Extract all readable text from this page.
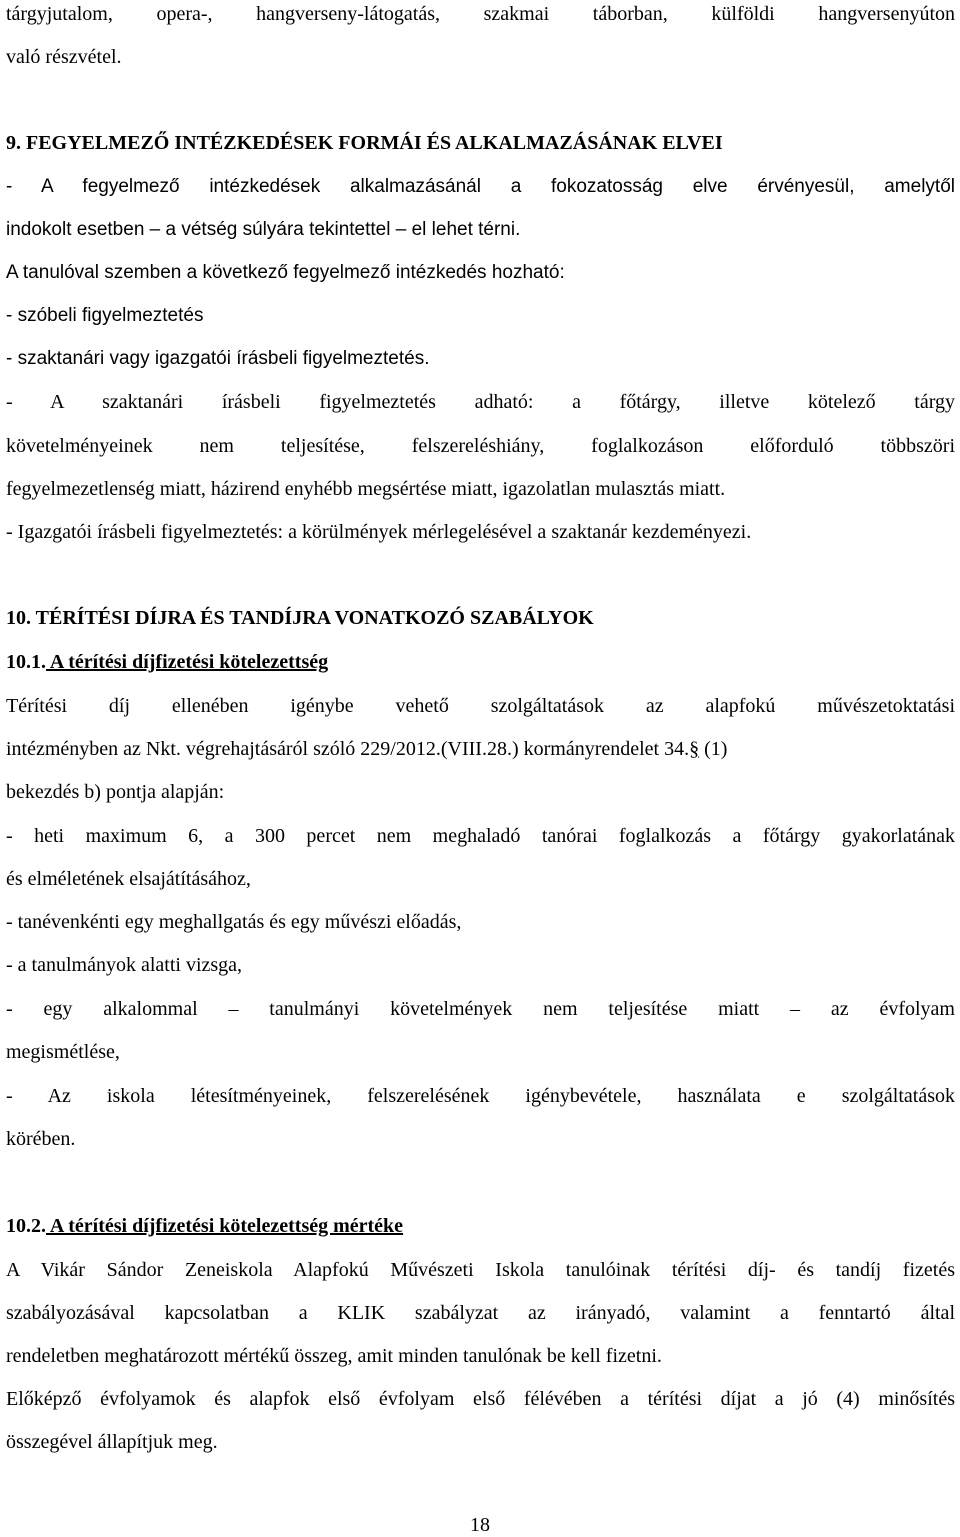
tárgyjutalom, opera-, hangverseny-látogatás, szakmai táborban, külföldi hangversenyúton
való részvétel.
9. FEGYELMEZŐ INTÉZKEDÉSEK FORMÁI ÉS ALKALMAZÁSÁNAK ELVEI
- A fegyelmező intézkedések alkalmazásánál a fokozatosság elve érvényesül, amelytől
indokolt esetben – a vétség súlyára tekintettel – el lehet térni.
A tanulóval szemben a következő fegyelmező intézkedés hozható:
- szóbeli figyelmeztetés
- szaktanári vagy igazgatói írásbeli figyelmeztetés.
- A szaktanári írásbeli figyelmeztetés adható: a főtárgy, illetve kötelező tárgy
követelményeinek nem teljesítése, felszereléshiány, foglalkozáson előforduló többszöri
fegyelmezetlenség miatt, házirend enyhébb megsértése miatt, igazolatlan mulasztás miatt.
- Igazgatói írásbeli figyelmeztetés: a körülmények mérlegelésével a szaktanár kezdeményezi.
10. TÉRÍTÉSI DÍJRA ÉS TANDÍJRA VONATKOZÓ SZABÁLYOK
10.1. A térítési díjfizetési kötelezettség
Térítési díj ellenében igénybe vehető szolgáltatások az alapfokú művészetoktatási
intézményben az Nkt. végrehajtásáról szóló 229/2012.(VIII.28.) kormányrendelet 34.§ (1)
bekezdés b) pontja alapján:
- heti maximum 6, a 300 percet nem meghaladó tanórai foglalkozás a főtárgy gyakorlatának
és elméletének elsajátításához,
- tanévenkénti egy meghallgatás és egy művészi előadás,
- a tanulmányok alatti vizsga,
- egy alkalommal – tanulmányi követelmények nem teljesítése miatt – az évfolyam
megismétlése,
- Az iskola létesítményeinek, felszerelésének igénybevétele, használata e szolgáltatások
körében.
10.2. A térítési díjfizetési kötelezettség mértéke
A Vikár Sándor Zeneiskola Alapfokú Művészeti Iskola tanulóinak térítési díj- és tandíj fizetés
szabályozásával kapcsolatban a KLIK szabályzat az irányadó, valamint a fenntartó által
rendeletben meghatározott mértékű összeg, amit minden tanulónak be kell fizetni.
Előképző évfolyamok és alapfok első évfolyam első félévében a térítési díjat a jó (4) minősítés
összegével állapítjuk meg.
18
